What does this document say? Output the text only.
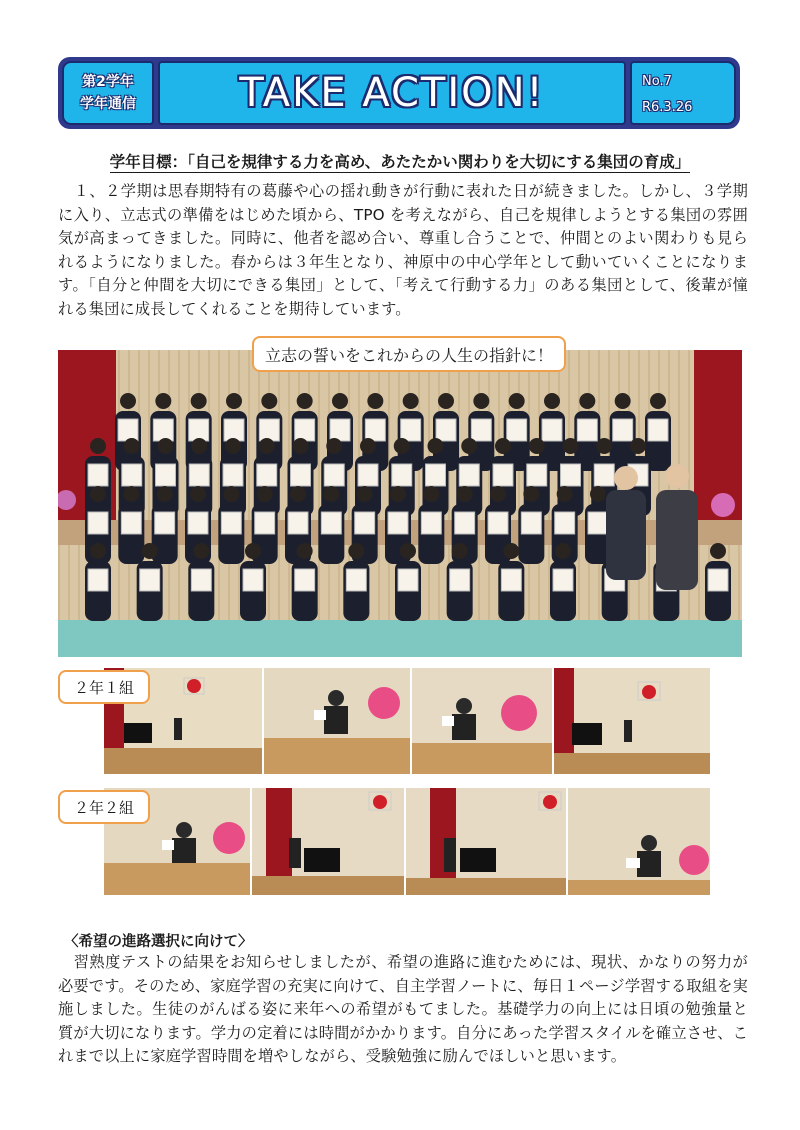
第2学年
学年通信	TAKE ACTION!	No.7
R6.3.26
学年目標：「自己を規律する力を高め、あたたかい関わりを大切にする集団の育成」

　１、２学期は思春期特有の葛藤や心の揺れ動きが行動に表れた日が続きました。しかし、３学期に入り、立志式の準備をはじめた頃から、TPO を考えながら、自己を規律しようとする集団の雰囲気が高まってきました。同時に、他者を認め合い、尊重し合うことで、仲間とのよい関わりも見られるようになりました。春からは３年生となり、神原中の中心学年として動いていくことになります。「自分と仲間を大切にできる集団」として、「考えて行動する力」のある集団として、後輩が憧れる集団に成長してくれることを期待しています。

立志の誓いをこれからの人生の指針に！
２年１組
２年２組
〈希望の進路選択に向けて〉

　習熟度テストの結果をお知らせしましたが、希望の進路に進むためには、現状、かなりの努力が必要です。そのため、家庭学習の充実に向けて、自主学習ノートに、毎日１ページ学習する取組を実施しました。生徒のがんばる姿に来年への希望がもてました。基礎学力の向上には日頃の勉強量と質が大切になります。学力の定着には時間がかかります。自分にあった学習スタイルを確立させ、これまで以上に家庭学習時間を増やしながら、受験勉強に励んでほしいと思います。
